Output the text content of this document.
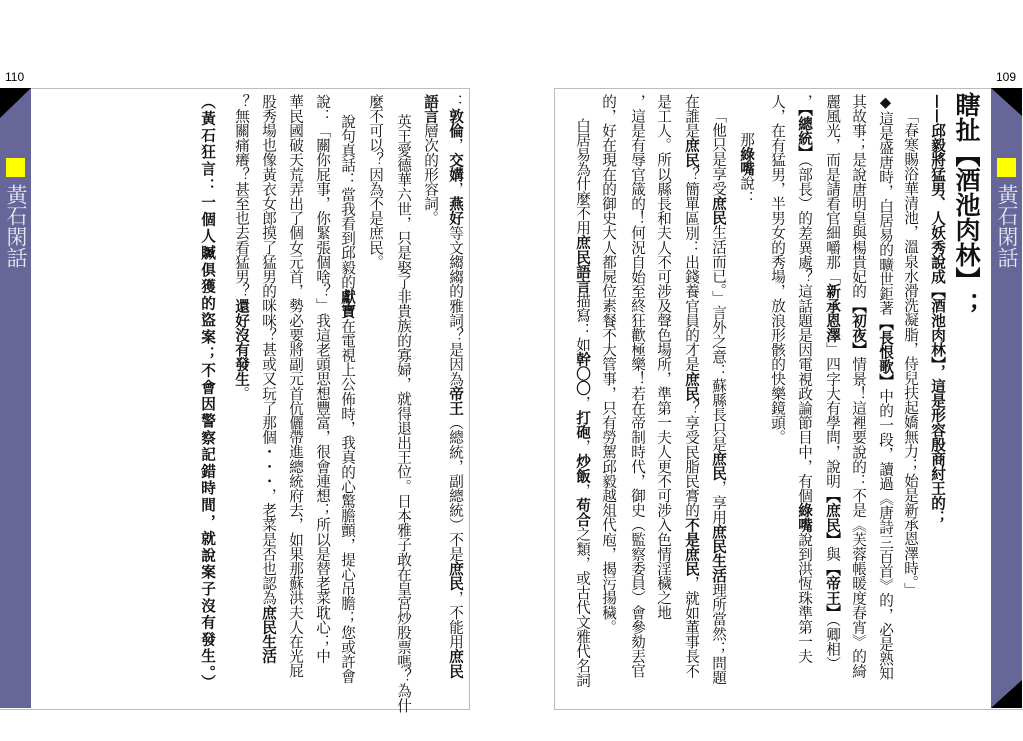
110	109
黃石閑話	黃石閑話
瞎扯【酒池肉林】；
——邱毅將猛男、人妖秀說成【酒池肉林】，這是形容殷商紂王的；
「春寒賜浴華清池，溫泉水滑洗凝脂，侍兒扶起嬌無力；始是新承恩澤時。」
◆這是盛唐時，白居易的曠世鉅著【長恨歌】中的一段，讀過《唐詩三百首》的，必是熟知
其故事；是說唐明皇與楊貴妃的【初夜】情景！這裡要說的：不是《芙蓉帳暖度春宵》的綺
麗風光，而是請看官細嚼那「新承恩澤」四字大有學問，說明【庶民】與【帝王】（卿相）
，【總統】（部長）的差異處？這話題是因電視政論節目中，有個綠嘴說到洪恆珠準第一夫
人，在有猛男，半男女的秀場，放浪形骸的快樂鏡頭。
那綠嘴說：
「他只是享受庶民生活而已。」言外之意：蘇縣長只是庶民，享用庶民生活理所當然；問題
在誰是庶民？簡單區別：出錢養官員的才是庶民？享受民脂民膏的不是庶民，就如董事長不
是工人。所以縣長和夫人不可涉及聲色場所，準第一夫人更不可涉入色情淫穢之地
，這是有辱官箴的！何況自始至終狂歡極樂！若在帝制時代，御史（監察委員）會參劾丟官
的，好在現在的御史大人都屍位素餐不大管事，只有勞駕邱毅越俎代庖，揭污揚穢。
白居易為什麼不用庶民語言描寫：如幹〇〇，打砲，炒飯，苟合之類，或古代文雅代名詞
：敦倫，交媾，燕好等文縐縐的雅詞？是因為帝王（總統，副總統）不是庶民，不能用庶民
語言層次的形容詞。
英王愛德華六世，只是娶了非貴族的寡婦，就得退出王位。日本雅子敢在皇宮炒股票嗎？為什
麼不可以？因為不是庶民。
說句真話：當我看到邱毅的獻寶在電視上公佈時，我真的心驚膽顫，提心吊膽；您或許會
說：「關你屁事，你緊張個啥？」我這老頭思想豐富，很會連想；所以是替老菜耽心；中
華民國破天荒弄出了個女元首，勢必要將副元首伉儷帶進總統府去，如果那蘇洪夫人在光屁
股秀場也像黃衣女郎摸了猛男的咪咪？甚或又玩了那個・・・，老菜是否也認為庶民生活
？無關痛癢？甚至也去看猛男？還好沒有發生。
（黃石狂言：一個人贓俱獲的盜案；不會因警察記錯時間，就說案子沒有發生。）
